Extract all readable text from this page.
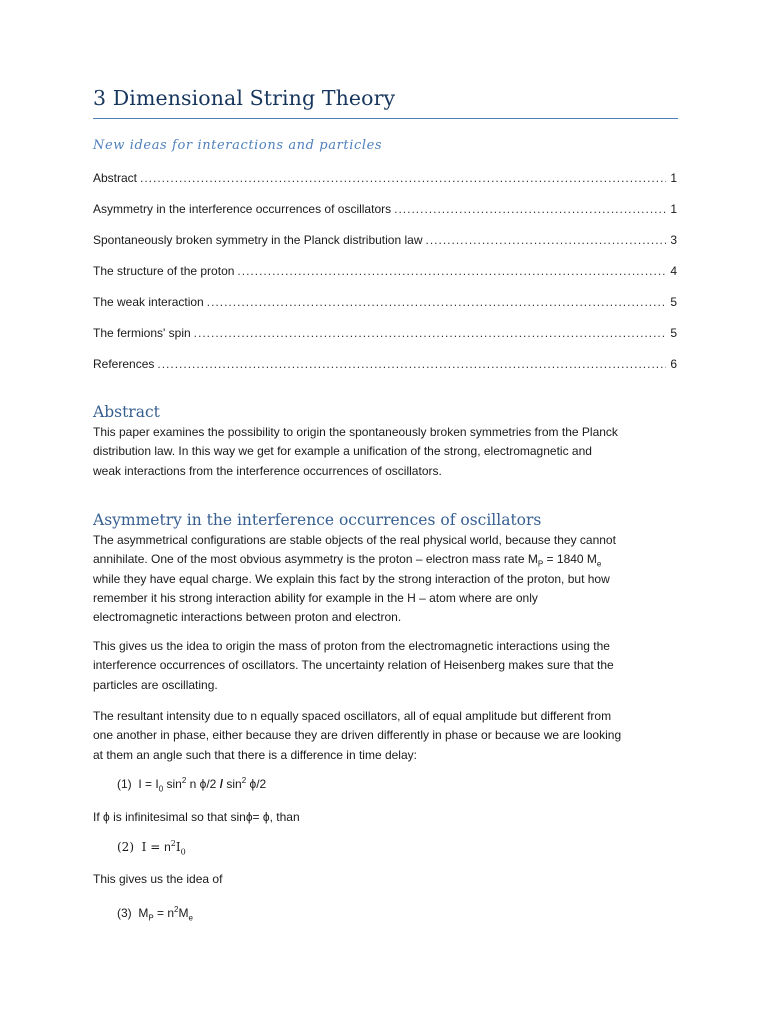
3 Dimensional String Theory
New ideas for interactions and particles
Abstract .....	1
Asymmetry in the interference occurrences of oscillators .....	1
Spontaneously broken symmetry in the Planck distribution law .....	3
The structure of the proton .....	4
The weak interaction .....	5
The fermions' spin .....	5
References .....	6
Abstract
This paper examines the possibility to origin the spontaneously broken symmetries from the Planck
distribution law. In this way we get for example a unification of the strong, electromagnetic and
weak interactions from the interference occurrences of oscillators.
Asymmetry in the interference occurrences of oscillators
The asymmetrical configurations are stable objects of the real physical world, because they cannot
annihilate. One of the most obvious asymmetry is the proton – electron mass rate $M_P = 1840$ $M_e$
while they have equal charge. We explain this fact by the strong interaction of the proton, but how
remember it his strong interaction ability for example in the H – atom where are only
electromagnetic interactions between proton and electron.
This gives us the idea to origin the mass of proton from the electromagnetic interactions using the
interference occurrences of oscillators. The uncertainty relation of Heisenberg makes sure that the
particles are oscillating.
The resultant intensity due to n equally spaced oscillators, all of equal amplitude but different from
one another in phase, either because they are driven differently in phase or because we are looking
at them an angle such that there is a difference in time delay:
(1) $I = I_0$ $\sin^2 n$ $\phi/2 / \sin^2 \phi/2$
If ϕ is infinitesimal so that sinϕ= ϕ, than
(2) $I = n^2I_0$
This gives us the idea of
(3) $M_P = n^2M_e$
